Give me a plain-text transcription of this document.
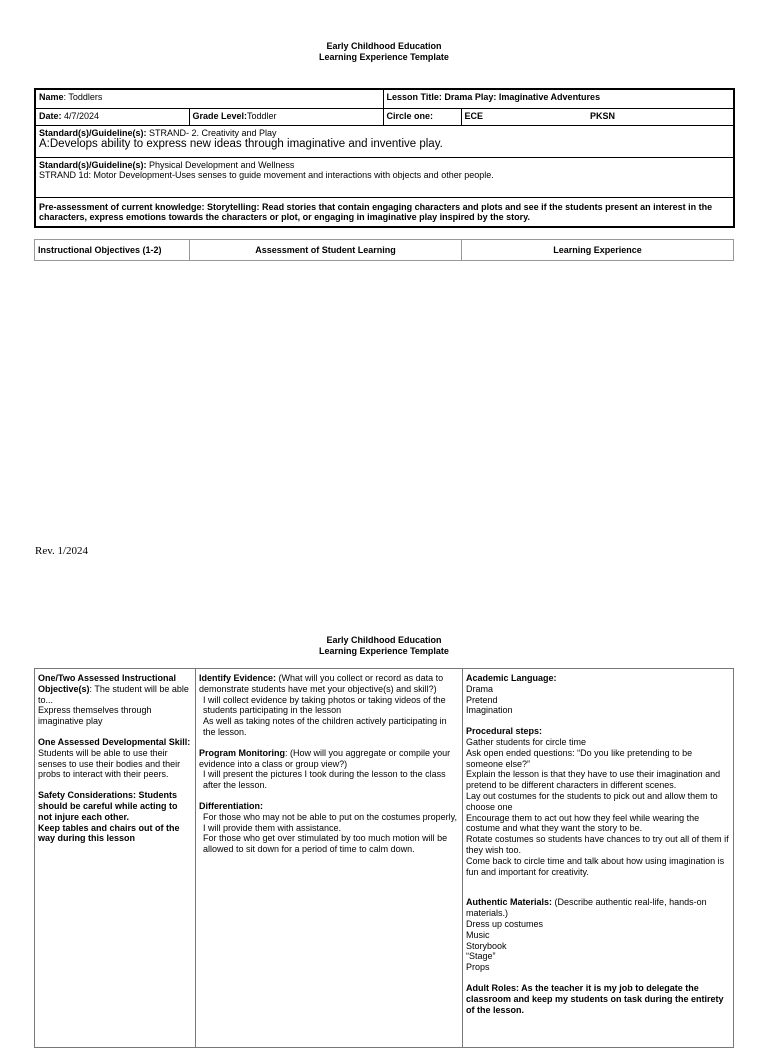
Early Childhood Education
Learning Experience Template
Name: Toddlers		Lesson Title: Drama Play: Imaginative Adventures		
Date: 4/7/2024	Grade Level:Toddler	Circle one:	ECE	PKSN
Standard(s)/Guideline(s): STRAND- 2. Creativity and Play
A:Develops ability to express new ideas through imaginative and inventive play.				

Standard(s)/Guideline(s): Physical Development and Wellness
STRAND 1d: Motor Development-Uses senses to guide movement and interactions with objects and other people.				

Pre-assessment of current knowledge: Storytelling: Read stories that contain engaging characters and plots and see if the students present an interest in the characters, express emotions towards the characters or plot, or engaging in imaginative play inspired by the story.				
Instructional Objectives (1-2)	Assessment of Student Learning	Learning Experience
Rev. 1/2024
Early Childhood Education
Learning Experience Template
One/Two Assessed Instructional Objective(s): The student will be able to...
Express themselves through imaginative play
One Assessed Developmental Skill:
Students will be able to use their senses to use their bodies and their probs to interact with their peers.
Safety Considerations: Students should be careful while acting to not injure each other.
Keep tables and chairs out of the way during this lesson
	Identify Evidence: (What will you collect or record as data to demonstrate students have met your objective(s) and skill?)
I will collect evidence by taking photos or taking videos of the students participating in the lesson
As well as taking notes of the children actively participating in the lesson.
Program Monitoring: (How will you aggregate or compile your evidence into a class or group view?)
I will present the pictures I took during the lesson to the class after the lesson.
Differentiation:
For those who may not be able to put on the costumes properly, I will provide them with assistance.
For those who get over stimulated by too much motion will be allowed to sit down for a period of time to calm down.

Academic Language:
Drama
Pretend
Imagination
Procedural steps:
Gather students for circle time
Ask open ended questions: “Do you like pretending to be someone else?”
Explain the lesson is that they have to use their imagination and pretend to be different characters in different scenes.
Lay out costumes for the students to pick out and allow them to choose one
Encourage them to act out how they feel while wearing the costume and what they want the story to be.
Rotate costumes so students have chances to try out all of them if they wish too.
Come back to circle time and talk about how using imagination is fun and important for creativity.
Authentic Materials: (Describe authentic real-life, hands-on materials.)
Dress up costumes
Music
Storybook
“Stage”
Props
Adult Roles: As the teacher it is my job to delegate the classroom and keep my students on task during the entirety of the lesson.
